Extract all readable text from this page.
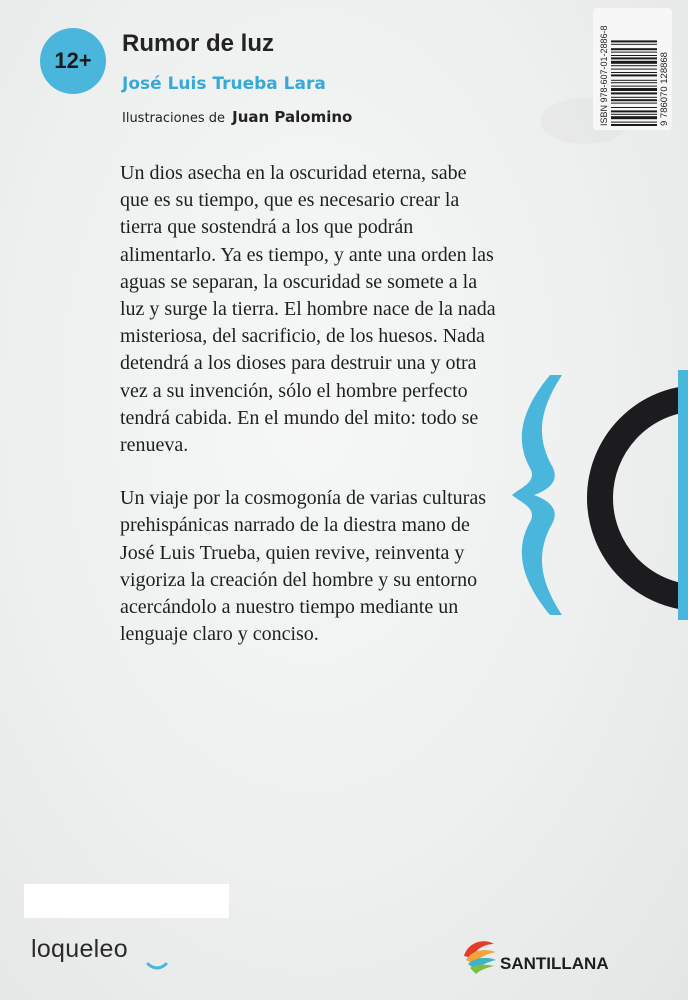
12+
Rumor de luz
José Luis Trueba Lara
Ilustraciones de Juan Palomino

Un dios asecha en la oscuridad eterna, sabe que es su tiempo, que es necesario crear la tierra que sostendrá a los que podrán alimentarlo. Ya es tiempo, y ante una orden las aguas se separan, la oscuridad se somete a la luz y surge la tierra. El hombre nace de la nada misteriosa, del sacrificio, de los huesos. Nada detendrá a los dioses para destruir una y otra vez a su invención, sólo el hombre perfecto tendrá cabida. En el mundo del mito: todo se renueva.

Un viaje por la cosmogonía de varias culturas prehispánicas narrado de la diestra mano de José Luis Trueba, quien revive, reinventa y vigoriza la creación del hombre y su entorno acercándolo a nuestro tiempo mediante un lenguaje claro y conciso.

ISBN 978-607-01-2886-8	9 786070 128868
loqueleo
SANTILLANA
